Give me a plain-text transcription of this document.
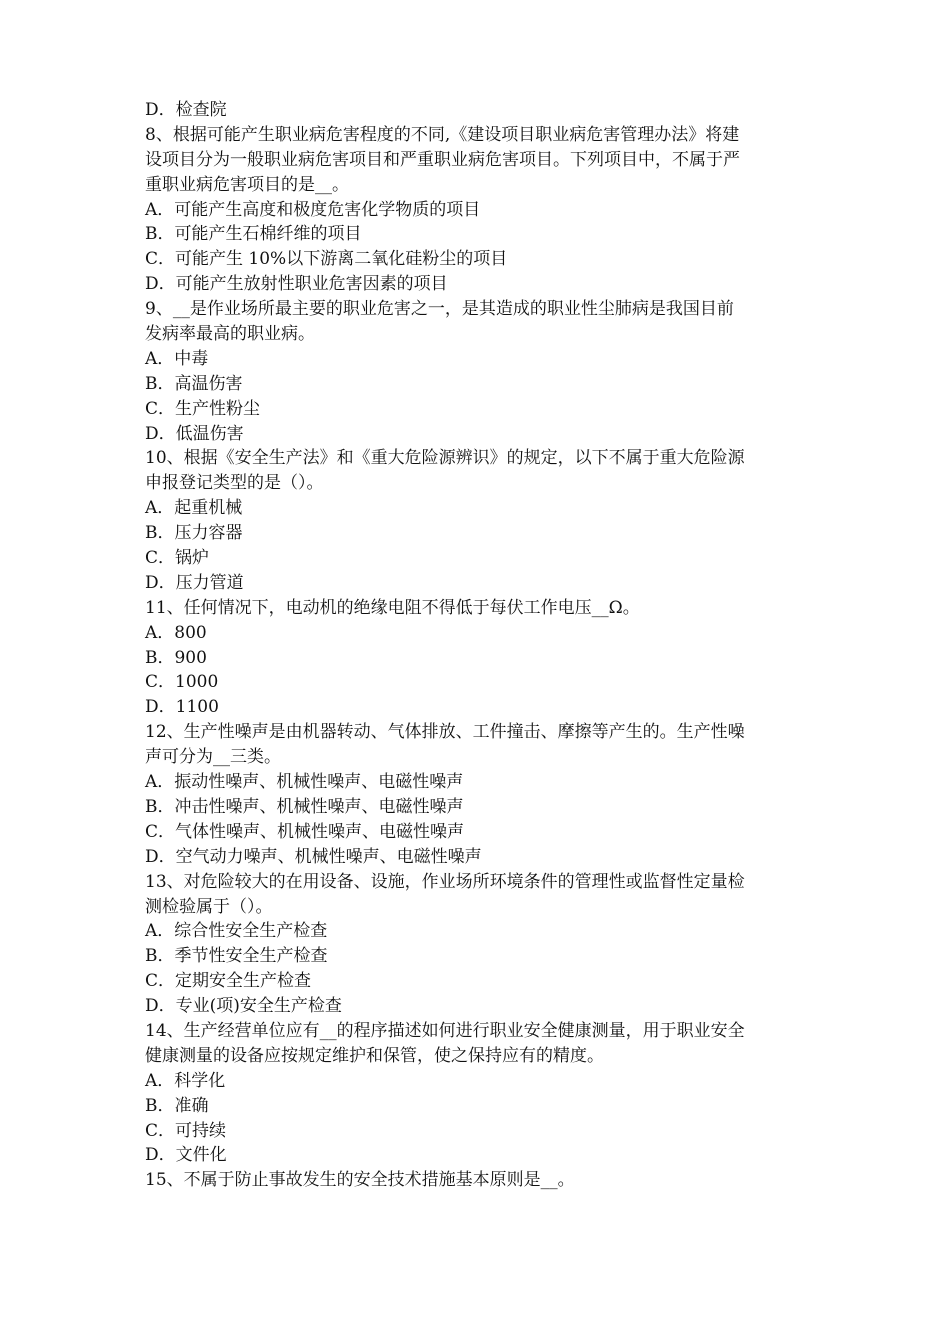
D．检查院
8、根据可能产生职业病危害程度的不同,《建设项目职业病危害管理办法》将建
设项目分为一般职业病危害项目和严重职业病危害项目。下列项目中，不属于严
重职业病危害项目的是__。
A．可能产生高度和极度危害化学物质的项目
B．可能产生石棉纤维的项目
C．可能产生 10%以下游离二氧化硅粉尘的项目
D．可能产生放射性职业危害因素的项目
9、__是作业场所最主要的职业危害之一，是其造成的职业性尘肺病是我国目前
发病率最高的职业病。
A．中毒
B．高温伤害
C．生产性粉尘
D．低温伤害
10、根据《安全生产法》和《重大危险源辨识》的规定，以下不属于重大危险源
申报登记类型的是（）。
A．起重机械
B．压力容器
C．锅炉
D．压力管道
11、任何情况下，电动机的绝缘电阻不得低于每伏工作电压__Ω。
A．800
B．900
C．1000
D．1100
12、生产性噪声是由机器转动、气体排放、工件撞击、摩擦等产生的。生产性噪
声可分为__三类。
A．振动性噪声、机械性噪声、电磁性噪声
B．冲击性噪声、机械性噪声、电磁性噪声
C．气体性噪声、机械性噪声、电磁性噪声
D．空气动力噪声、机械性噪声、电磁性噪声
13、对危险较大的在用设备、设施，作业场所环境条件的管理性或监督性定量检
测检验属于（）。
A．综合性安全生产检查
B．季节性安全生产检查
C．定期安全生产检查
D．专业(项)安全生产检查
14、生产经营单位应有__的程序描述如何进行职业安全健康测量，用于职业安全
健康测量的设备应按规定维护和保管，使之保持应有的精度。
A．科学化
B．准确
C．可持续
D．文件化
15、不属于防止事故发生的安全技术措施基本原则是__。
